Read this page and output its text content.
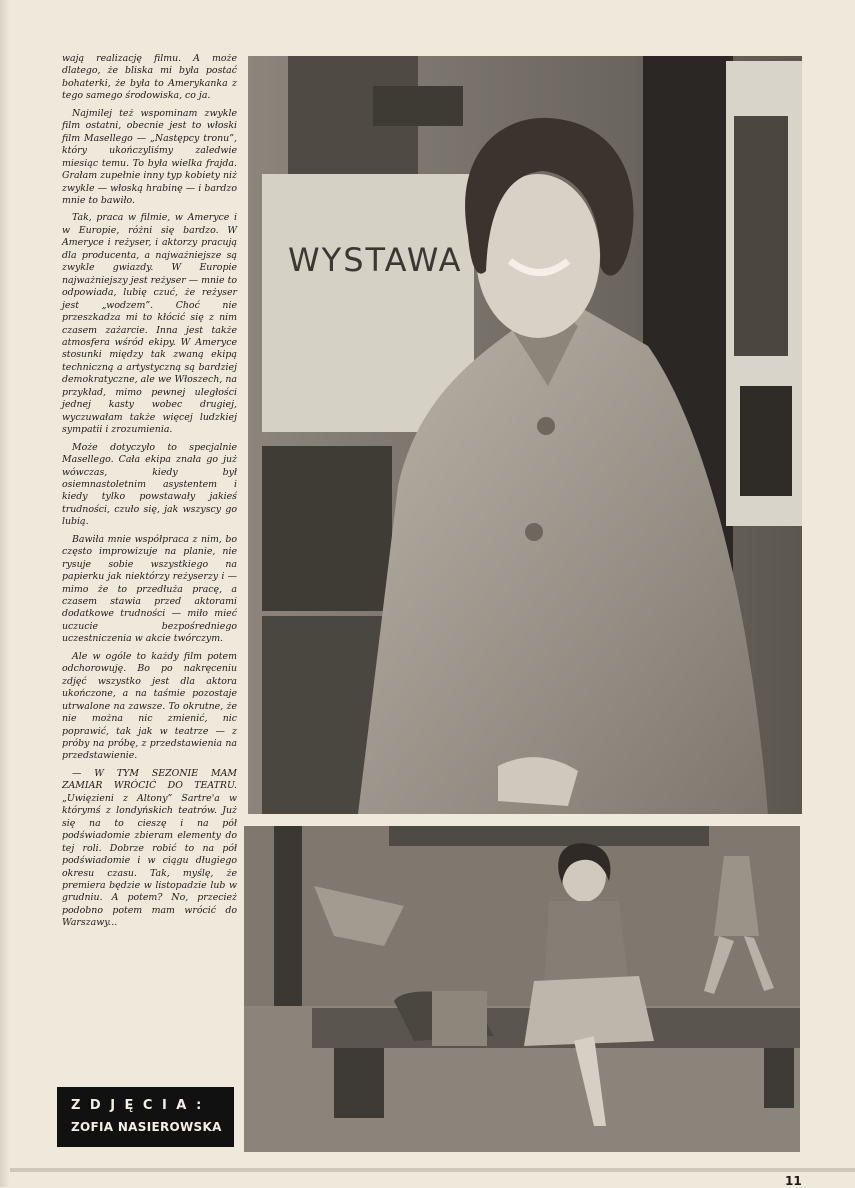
wają realizację filmu. A może dlatego, że bliska mi była postać bohaterki, że była to Amerykanka z tego samego środowiska, co ja.

Najmilej też wspominam zwykle film ostatni, obecnie jest to włoski film Masellego — „Następcy tronu”, który ukończyliśmy zaledwie miesiąc temu. To była wielka frajda. Grałam zupełnie inny typ kobiety niż zwykle — włoską hrabinę — i bardzo mnie to bawiło.

Tak, praca w filmie, w Ameryce i w Europie, różni się bardzo. W Ameryce i reżyser, i aktorzy pracują dla producenta, a najważniejsze są zwykle gwiazdy. W Europie najważniejszy jest reżyser — mnie to odpowiada, lubię czuć, że reżyser jest „wodzem”. Choć nie przeszkadza mi to kłócić się z nim czasem zażarcie. Inna jest także atmosfera wśród ekipy. W Ameryce stosunki między tak zwaną ekipą techniczną a artystyczną są bardziej demokratyczne, ale we Włoszech, na przykład, mimo pewnej uległości jednej kasty wobec drugiej, wyczuwałam także więcej ludzkiej sympatii i zrozumienia.

Może dotyczyło to specjalnie Masellego. Cała ekipa znała go już wówczas, kiedy był osiemnastoletnim asystentem i kiedy tylko powstawały jakieś trudności, czuło się, jak wszyscy go lubią.

Bawiła mnie współpraca z nim, bo często improwizuje na planie, nie rysuje sobie wszystkiego na papierku jak niektórzy reżyserzy i — mimo że to przedłuża pracę, a czasem stawia przed aktorami dodatkowe trudności — miło mieć uczucie bezpośredniego uczestniczenia w akcie twórczym.

Ale w ogóle to każdy film potem odchorowuję. Bo po nakręceniu zdjęć wszystko jest dla aktora ukończone, a na taśmie pozostaje utrwalone na zawsze. To okrutne, że nie można nic zmienić, nic poprawić, tak jak w teatrze — z próby na próbę, z przedstawienia na przedstawienie.

— W TYM SEZONIE MAM ZAMIAR WRÓCIĆ DO TEATRU. „Uwięzieni z Altony” Sartre'a w którymś z londyńskich teatrów. Już się na to cieszę i na pół podświadomie zbieram elementy do tej roli. Dobrze robić to na pół podświadomie i w ciągu długiego okresu czasu. Tak, myślę, że premiera będzie w listopadzie lub w grudniu. A potem? No, przecież podobno potem mam wrócić do Warszawy...

ZDJĘCIA:
ZOFIA NASIEROWSKA
WYSTAWA
11
